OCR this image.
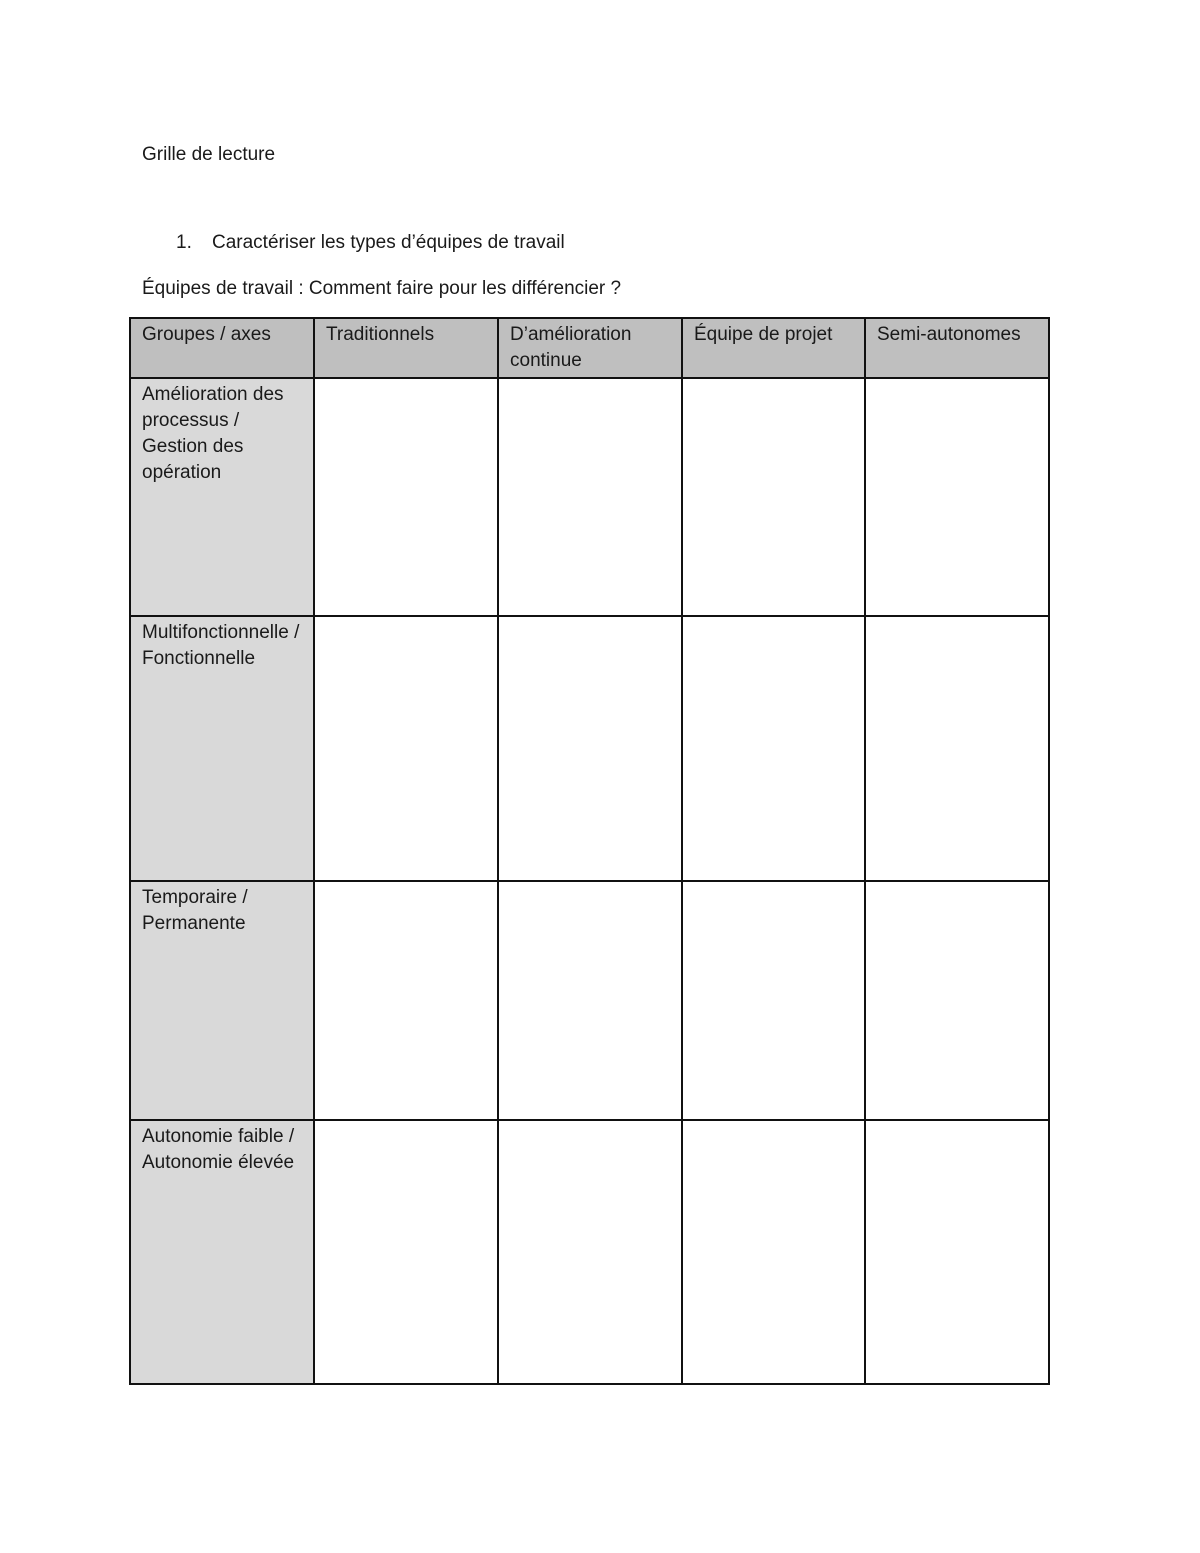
Grille de lecture
1.	Caractériser les types d’équipes de travail
Équipes de travail : Comment faire pour les différencier ?
Groupes / axes	Traditionnels	D’amélioration continue	Équipe de projet	Semi-autonomes
Amélioration des processus / Gestion des opération				
Multifonctionnelle / Fonctionnelle				
Temporaire / Permanente				
Autonomie faible / Autonomie élevée				
